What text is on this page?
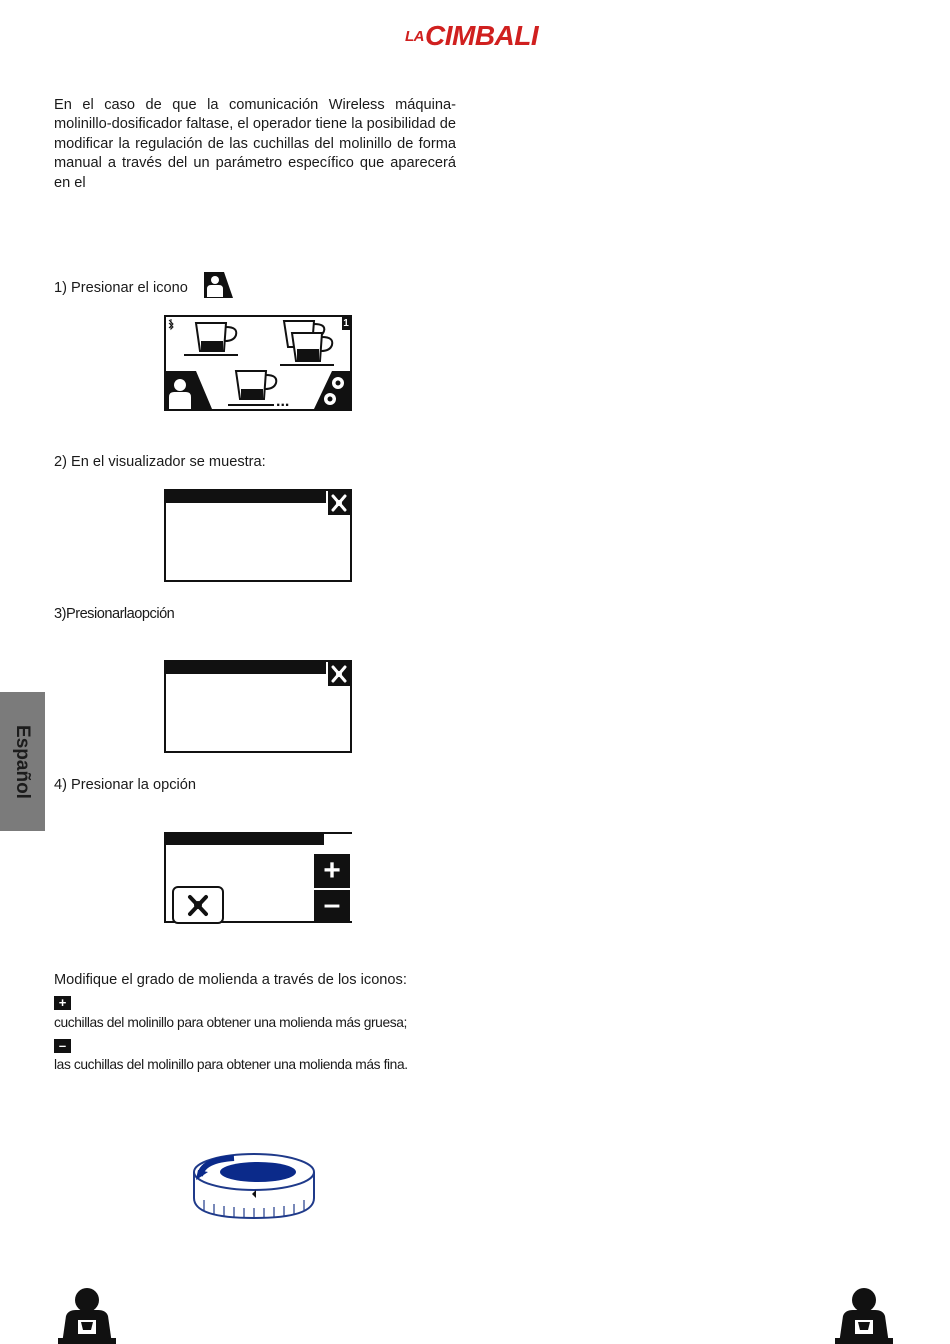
LACIMBALI
En el caso de que la comunicación Wireless máquina-molinillo-dosificador faltase, el operador tiene la posibilidad de modificar la regulación de las cuchillas del molinillo de forma manual a través del un parámetro específico que aparecerá en el
1) Presionar el icono
...
1
2) En el visualizador se muestra:
3)Presionarlaopción
4) Presionar la opción
+
–
Modifique el grado de molienda a través de los iconos:
+
cuchillas del molinillo para obtener una molienda más gruesa;
–
las cuchillas del molinillo para obtener una molienda más fina.
Español
